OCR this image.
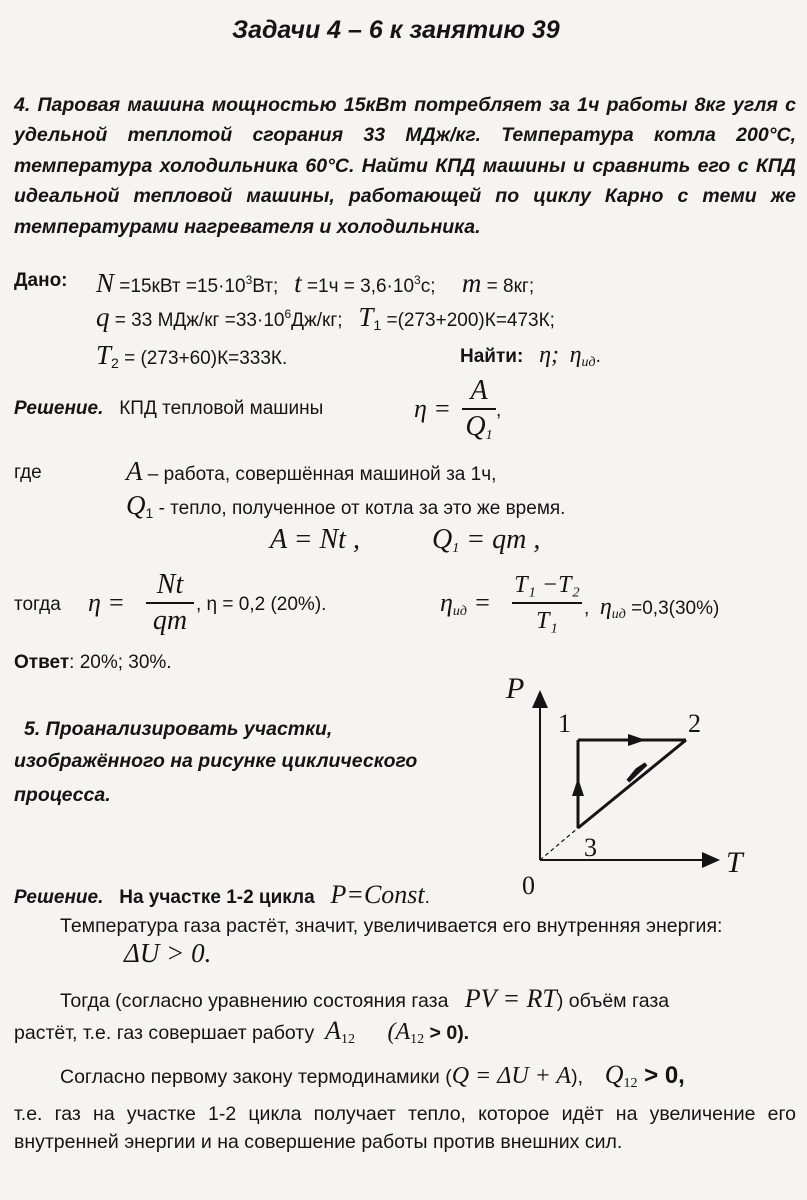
Задачи 4 – 6 к занятию 39
4. Паровая машина мощностью 15кВт потребляет за 1ч работы 8кг угля с удельной теплотой сгорания 33 МДж/кг. Температура котла 200°С, температура холодильника 60°С. Найти КПД машины и сравнить его с КПД идеальной тепловой машины, работающей по циклу Карно с теми же температурами нагревателя и холодильника.
Дано: $N =15кВт =15\cdot 10^3Вт$; $t =1ч = 3,6\cdot 10^3с$; m = 8кг;
q = 33 $МДж/кг =33\cdot 10^6Дж/кг$; $T_1 =(273+200)К=473К$;
$T_2 = (273+60)К=333К$.	Найти: η; $\eta_{ид}$.
Решение. КПД тепловой машины	η =
A
$Q_1$
,
где	A – работа, совершённая машиной за 1ч,
$Q_1$ - тепло, полученное от котла за это же время.
A = Nt ,	$Q_1$ = qm ,
тогда η =
Nt
qm
, η = 0,2 (20%).	$\eta_{ид}$ =
T₁ −T₂
T₁	, $\eta_{ид} =0,3(30\%)$
Ответ: 20%; 30%.
5. Проанализировать участки,
изображённого на рисунке циклического
процесса.
P
T
0
1	2
3
Решение. На участке 1-2 цикла P=Const.
Температура газа растёт, значит, увеличивается его внутренняя энергия:
ΔU > 0.
Тогда (согласно уравнению состояния газа PV = RT) объём газа
растёт, т.е. газ совершает работу $A_{12}$ $(A_{12} > 0)$.
Согласно первому закону термодинамики (Q = ΔU + A), $Q_{12} > 0$,
т.е. газ на участке 1-2 цикла получает тепло, которое идёт на увеличение его внутренней энергии и на совершение работы против внешних сил.
